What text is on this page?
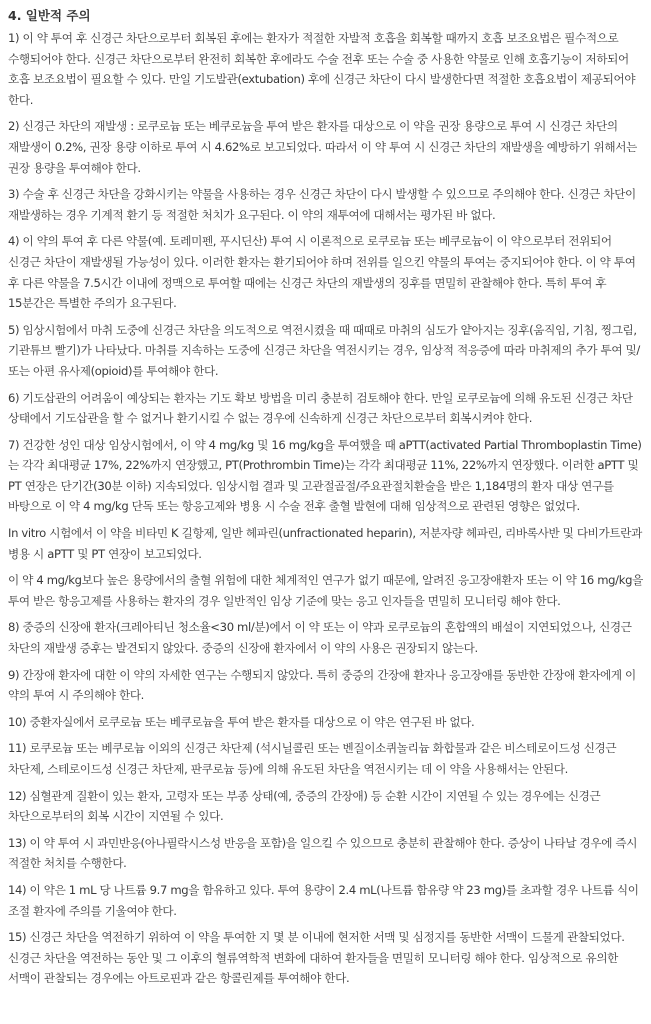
4. 일반적 주의

1) 이 약 투여 후 신경근 차단으로부터 회복된 후에는 환자가 적절한 자발적 호흡을 회복할 때까지 호흡 보조요법은 필수적으로 수행되어야 한다. 신경근 차단으로부터 완전히 회복한 후에라도 수술 전후 또는 수술 중 사용한 약물로 인해 호흡기능이 저하되어 호흡 보조요법이 필요할 수 있다. 만일 기도발관(extubation) 후에 신경근 차단이 다시 발생한다면 적절한 호흡요법이 제공되어야 한다.

2) 신경근 차단의 재발생 : 로쿠로늄 또는 베쿠로늄을 투여 받은 환자를 대상으로 이 약을 권장 용량으로 투여 시 신경근 차단의 재발생이 0.2%, 권장 용량 이하로 투여 시 4.62%로 보고되었다. 따라서 이 약 투여 시 신경근 차단의 재발생을 예방하기 위해서는 권장 용량을 투여해야 한다.

3) 수술 후 신경근 차단을 강화시키는 약물을 사용하는 경우 신경근 차단이 다시 발생할 수 있으므로 주의해야 한다. 신경근 차단이 재발생하는 경우 기계적 환기 등 적절한 처치가 요구된다. 이 약의 재투여에 대해서는 평가된 바 없다.

4) 이 약의 투여 후 다른 약물(예. 토레미펜, 푸시딘산) 투여 시 이론적으로 로쿠로늄 또는 베쿠로늄이 이 약으로부터 전위되어 신경근 차단이 재발생될 가능성이 있다. 이러한 환자는 환기되어야 하며 전위를 일으킨 약물의 투여는 중지되어야 한다. 이 약 투여 후 다른 약물을 7.5시간 이내에 정맥으로 투여할 때에는 신경근 차단의 재발생의 징후를 면밀히 관찰해야 한다. 특히 투여 후 15분간은 특별한 주의가 요구된다.

5) 임상시험에서 마취 도중에 신경근 차단을 의도적으로 역전시켰을 때 때때로 마취의 심도가 얕아지는 징후(움직임, 기침, 찡그림, 기관튜브 빨기)가 나타났다. 마취를 지속하는 도중에 신경근 차단을 역전시키는 경우, 임상적 적응증에 따라 마취제의 추가 투여 및/또는 아편 유사제(opioid)를 투여해야 한다.

6) 기도삽관의 어려움이 예상되는 환자는 기도 확보 방법을 미리 충분히 검토해야 한다. 만일 로쿠로늄에 의해 유도된 신경근 차단 상태에서 기도삽관을 할 수 없거나 환기시킬 수 없는 경우에 신속하게 신경근 차단으로부터 회복시켜야 한다.

7) 건강한 성인 대상 임상시험에서, 이 약 4 mg/kg 및 16 mg/kg을 투여했을 때 aPTT(activated Partial Thromboplastin Time)는 각각 최대평균 17%, 22%까지 연장했고, PT(Prothrombin Time)는 각각 최대평균 11%, 22%까지 연장했다. 이러한 aPTT 및 PT 연장은 단기간(30분 이하) 지속되었다. 임상시험 결과 및 고관절골절/주요관절치환술을 받은 1,184명의 환자 대상 연구를 바탕으로 이 약 4 mg/kg 단독 또는 항응고제와 병용 시 수술 전후 출혈 발현에 대해 임상적으로 관련된 영향은 없었다.

In vitro 시험에서 이 약을 비타민 K 길항제, 일반 헤파린(unfractionated heparin), 저분자량 헤파린, 리바록사반 및 다비가트란과 병용 시 aPTT 및 PT 연장이 보고되었다.

이 약 4 mg/kg보다 높은 용량에서의 출혈 위험에 대한 체계적인 연구가 없기 때문에, 알려진 응고장애환자 또는 이 약 16 mg/kg을 투여 받은 항응고제를 사용하는 환자의 경우 일반적인 임상 기준에 맞는 응고 인자들을 면밀히 모니터링 해야 한다.

8) 중증의 신장애 환자(크레아티닌 청소율<30 ml/분)에서 이 약 또는 이 약과 로쿠로늄의 혼합액의 배설이 지연되었으나, 신경근 차단의 재발생 증후는 발견되지 않았다. 중증의 신장애 환자에서 이 약의 사용은 권장되지 않는다.

9) 간장애 환자에 대한 이 약의 자세한 연구는 수행되지 않았다. 특히 중증의 간장애 환자나 응고장애를 동반한 간장애 환자에게 이 약의 투여 시 주의해야 한다.

10) 중환자실에서 로쿠로늄 또는 베쿠로늄을 투여 받은 환자를 대상으로 이 약은 연구된 바 없다.

11) 로쿠로늄 또는 베쿠로늄 이외의 신경근 차단제 (석시닐콜린 또는 벤질이소퀴놀리늄 화합물과 같은 비스테로이드성 신경근 차단제, 스테로이드성 신경근 차단제, 판쿠로늄 등)에 의해 유도된 차단을 역전시키는 데 이 약을 사용해서는 안된다.

12) 심혈관계 질환이 있는 환자, 고령자 또는 부종 상태(예, 중증의 간장애) 등 순환 시간이 지연될 수 있는 경우에는 신경근 차단으로부터의 회복 시간이 지연될 수 있다.

13) 이 약 투여 시 과민반응(아나필락시스성 반응을 포함)을 일으킬 수 있으므로 충분히 관찰해야 한다. 증상이 나타날 경우에 즉시 적절한 처치를 수행한다.

14) 이 약은 1 mL 당 나트륨 9.7 mg을 함유하고 있다. 투여 용량이 2.4 mL(나트륨 함유량 약 23 mg)를 초과할 경우 나트륨 식이 조절 환자에 주의를 기울여야 한다.

15) 신경근 차단을 역전하기 위하여 이 약을 투여한 지 몇 분 이내에 현저한 서맥 및 심정지를 동반한 서맥이 드물게 관찰되었다. 신경근 차단을 역전하는 동안 및 그 이후의 혈류역학적 변화에 대하여 환자들을 면밀히 모니터링 해야 한다. 임상적으로 유의한 서맥이 관찰되는 경우에는 아트로핀과 같은 항콜린제를 투여해야 한다.
